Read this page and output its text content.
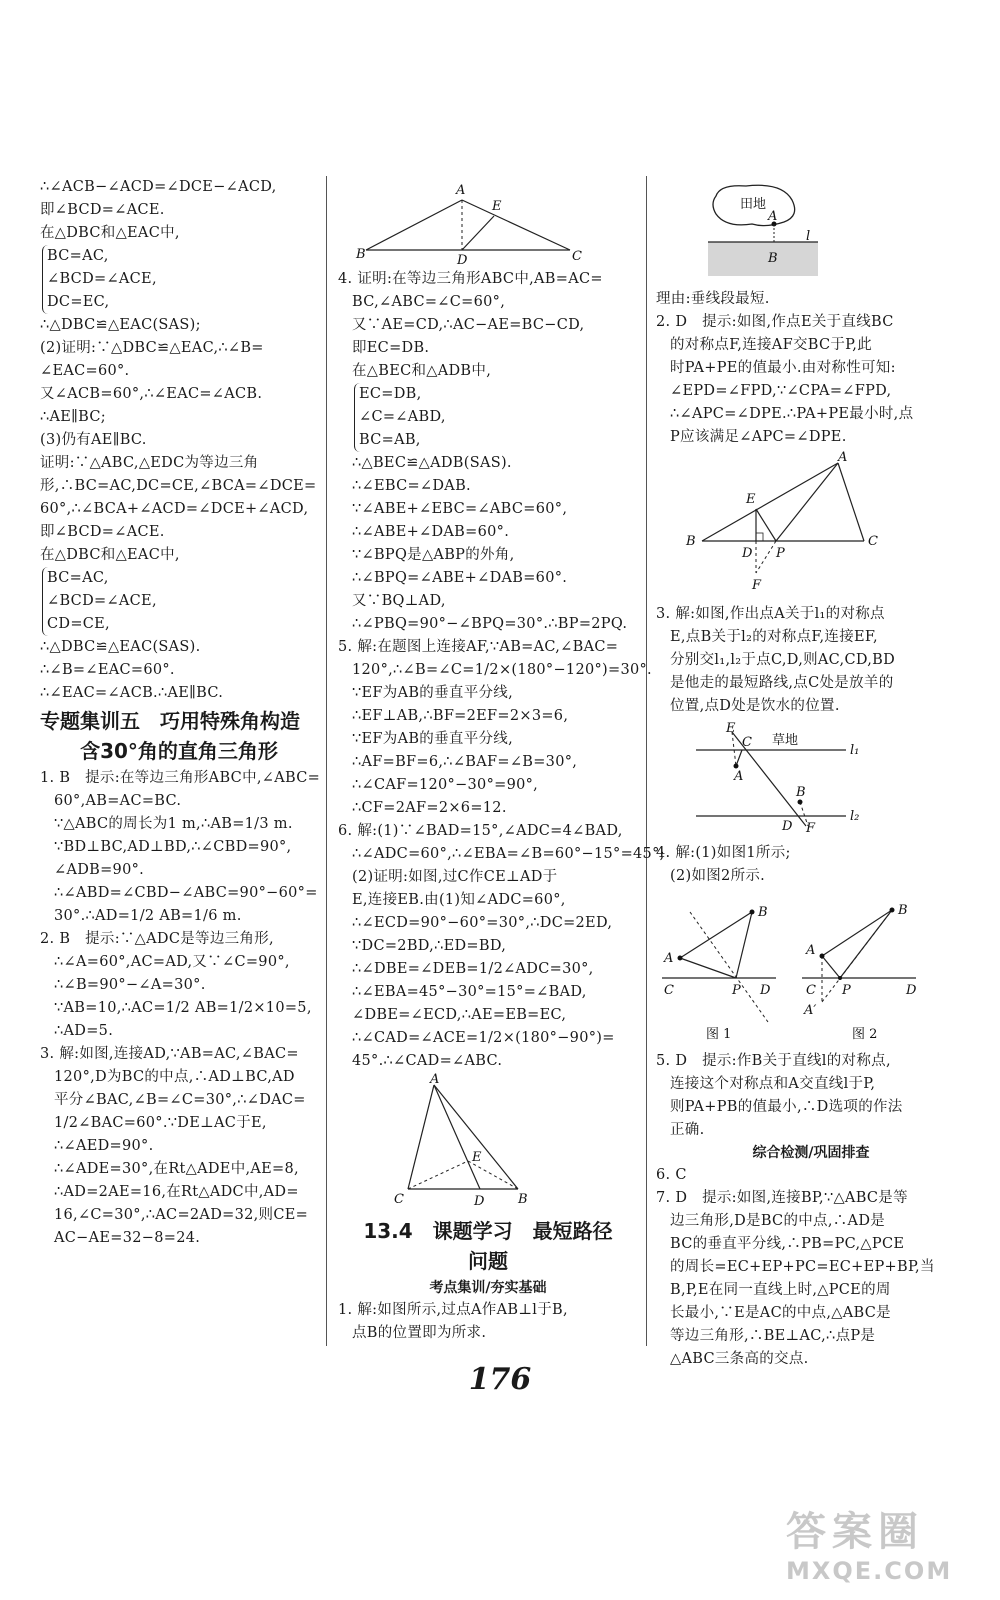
∴∠ACB−∠ACD=∠DCE−∠ACD,
即∠BCD=∠ACE.
在△DBC和△EAC中,
BC=AC,
∠BCD=∠ACE,
DC=EC,
∴△DBC≌△EAC(SAS);
(2)证明:∵△DBC≌△EAC,∴∠B=
∠EAC=60°.
又∠ACB=60°,∴∠EAC=∠ACB.
∴AE∥BC;
(3)仍有AE∥BC.
证明:∵△ABC,△EDC为等边三角
形,∴BC=AC,DC=CE,∠BCA=∠DCE=
60°,∴∠BCA+∠ACD=∠DCE+∠ACD,
即∠BCD=∠ACE.
在△DBC和△EAC中,
BC=AC,
∠BCD=∠ACE,
CD=CE,
∴△DBC≌△EAC(SAS).
∴∠B=∠EAC=60°.
∴∠EAC=∠ACB.∴AE∥BC.
专题集训五　巧用特殊角构造
含30°角的直角三角形
1. B　提示:在等边三角形ABC中,∠ABC=
60°,AB=AC=BC.
∵△ABC的周长为1 m,∴AB=1/3 m.
∵BD⊥BC,AD⊥BD,∴∠CBD=90°,
∠ADB=90°.
∴∠ABD=∠CBD−∠ABC=90°−60°=
30°.∴AD=1/2 AB=1/6 m.
2. B　提示:∵△ADC是等边三角形,
∴∠A=60°,AC=AD,又∵∠C=90°,
∴∠B=90°−∠A=30°.
∵AB=10,∴AC=1/2 AB=1/2×10=5,
∴AD=5.
3. 解:如图,连接AD,∵AB=AC,∠BAC=
120°,D为BC的中点,∴AD⊥BC,AD
平分∠BAC,∠B=∠C=30°,∴∠DAC=
1/2∠BAC=60°.∵DE⊥AC于E,
∴∠AED=90°.
∴∠ADE=30°,在Rt△ADE中,AE=8,
∴AD=2AE=16,在Rt△ADC中,AD=
16,∠C=30°,∴AC=2AD=32,则CE=
AC−AE=32−8=24.
A
E
B	D	C
4. 证明:在等边三角形ABC中,AB=AC=
BC,∠ABC=∠C=60°,
又∵AE=CD,∴AC−AE=BC−CD,
即EC=DB.
在△BEC和△ADB中,
EC=DB,
∠C=∠ABD,
BC=AB,
∴△BEC≌△ADB(SAS).
∴∠EBC=∠DAB.
∵∠ABE+∠EBC=∠ABC=60°,
∴∠ABE+∠DAB=60°.
∵∠BPQ是△ABP的外角,
∴∠BPQ=∠ABE+∠DAB=60°.
又∵BQ⊥AD,
∴∠PBQ=90°−∠BPQ=30°.∴BP=2PQ.
5. 解:在题图上连接AF,∵AB=AC,∠BAC=
120°,∴∠B=∠C=1/2×(180°−120°)=30°.
∵EF为AB的垂直平分线,
∴EF⊥AB,∴BF=2EF=2×3=6,
∵EF为AB的垂直平分线,
∴AF=BF=6,∴∠BAF=∠B=30°,
∴∠CAF=120°−30°=90°,
∴CF=2AF=2×6=12.
6. 解:(1)∵∠BAD=15°,∠ADC=4∠BAD,
∴∠ADC=60°,∴∠EBA=∠B=60°−15°=45°;
(2)证明:如图,过C作CE⊥AD于
E,连接EB.由(1)知∠ADC=60°,
∴∠ECD=90°−60°=30°,∴DC=2ED,
∵DC=2BD,∴ED=BD,
∴∠DBE=∠DEB=1/2∠ADC=30°,
∴∠EBA=45°−30°=15°=∠BAD,
∠DBE=∠ECD,∴AE=EB=EC,
∴∠CAD=∠ACE=1/2×(180°−90°)=
45°.∴∠CAD=∠ABC.
A
E
C	D	B
13.4　课题学习　最短路径
问题
考点集训/夯实基础
1. 解:如图所示,过点A作AB⊥l于B,
点B的位置即为所求.
田地
A
B
l
理由:垂线段最短.
2. D　提示:如图,作点E关于直线BC
的对称点F,连接AF交BC于P,此
时PA+PE的值最小.由对称性可知:
∠EPD=∠FPD,∵∠CPA=∠FPD,
∴∠APC=∠DPE.∴PA+PE最小时,点
P应该满足∠APC=∠DPE.
A
E
B
D P
C
F
3. 解:如图,作出点A关于l₁的对称点
E,点B关于l₂的对称点F,连接EF,
分别交l₁,l₂于点C,D,则AC,CD,BD
是他走的最短路线,点C处是放羊的
位置,点D处是饮水的位置.
E
C 草地
A
l₁
B
D F
l₂
4. 解:(1)如图1所示;
(2)如图2所示.
B
A
C	P D
图 1
B
A
C P	D
A′
图 2
5. D　提示:作B关于直线l的对称点,
连接这个对称点和A交直线l于P,
则PA+PB的值最小,∴D选项的作法
正确.
综合检测/巩固排查
6. C
7. D　提示:如图,连接BP,∵△ABC是等
边三角形,D是BC的中点,∴AD是
BC的垂直平分线,∴PB=PC,△PCE
的周长=EC+EP+PC=EC+EP+BP,当
B,P,E在同一直线上时,△PCE的周
长最小,∵E是AC的中点,△ABC是
等边三角形,∴BE⊥AC,∴点P是
△ABC三条高的交点.
176
答案圈
MXQE.COM
